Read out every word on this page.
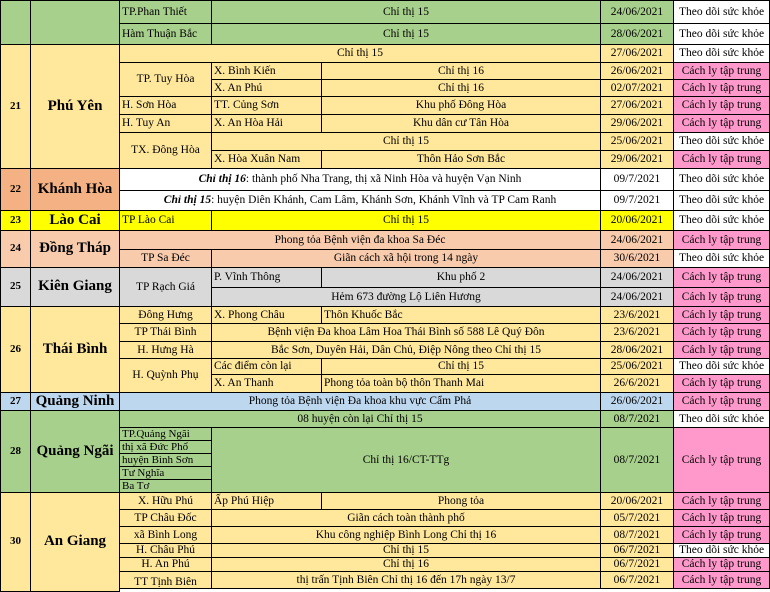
TP.Phan Thiết	Chỉ thị 15	24/06/2021	Theo dõi sức khỏe
Hàm Thuận Bắc	Chỉ thị 15	28/06/2021	Theo dõi sức khỏe
21	Phú Yên
Chỉ thị 15	27/06/2021	Theo dõi sức khỏe
TP. Tuy Hòa
X. Bình Kiến	Chỉ thị 16	26/06/2021	Cách ly tập trung
X. An Phú	Chỉ thị 16	02/07/2021	Cách ly tập trung
H. Sơn Hòa	TT. Củng Sơn	Khu phố Đông Hòa	27/06/2021	Cách ly tập trung
H. Tuy An	X. An Hòa Hải	Khu dân cư Tân Hòa	29/06/2021	Cách ly tập trung
TX. Đông Hòa
Chỉ thị 15	25/06/2021	Theo dõi sức khỏe
X. Hòa Xuân Nam	Thôn Hảo Sơn Bắc	29/06/2021	Cách ly tập trung
22	Khánh Hòa
Chỉ thị 16: thành phố Nha Trang, thị xã Ninh Hòa và huyện Vạn Ninh	09/7/2021	Theo dõi sức khỏe
Chỉ thị 15: huyện Diên Khánh, Cam Lâm, Khánh Sơn, Khánh Vĩnh và TP Cam Ranh	09/7/2021	Theo dõi sức khỏe
23	Lào Cai	TP Lào Cai	Chỉ thị 15	20/06/2021	Theo dõi sức khỏe
24	Đồng Tháp
Phong tỏa Bệnh viện đa khoa Sa Đéc	24/06/2021	Cách ly tập trung
TP Sa Đéc	Giãn cách xã hội trong 14 ngày	30/6/2021	Theo dõi sức khỏe
25	Kiên Giang	TP Rạch Giá
P. Vĩnh Thông	Khu phố 2	24/06/2021	Cách ly tập trung
Hẻm 673 đường Lộ Liên Hương	24/06/2021	Cách ly tập trung
26	Thái Bình
Đông Hưng	X. Phong Châu	Thôn Khuốc Bắc	23/6/2021	Cách ly tập trung
TP Thái Bình	Bệnh viện Đa khoa Lâm Hoa Thái Bình số 588 Lê Quý Đôn	23/6/2021	Cách ly tập trung
H. Hưng Hà	Bắc Sơn, Duyên Hải, Dân Chủ, Điệp Nông theo Chỉ thị 15	28/06/2021	Cách ly tập trung
H. Quỳnh Phụ
Các điểm còn lại	Chỉ thị 15	25/06/2021	Theo dõi sức khỏe
X. An Thanh	Phong tỏa toàn bộ thôn Thanh Mai	26/6/2021	Cách ly tập trung
27 Quảng Ninh	Phong tỏa Bệnh viện Đa khoa khu vực Cẩm Phả	26/06/2021	Cách ly tập trung
28	Quảng Ngãi
08 huyện còn lại Chỉ thị 15	08/7/2021	Theo dõi sức khỏe
TP.Quảng Ngãi
thị xã Đức Phổ
huyện Bình Sơn
Tư Nghĩa
Ba Tơ
Chỉ thị 16/CT-TTg	08/7/2021	Cách ly tập trung
30	An Giang
X. Hữu Phú	Ấp Phú Hiệp	Phong tỏa	20/06/2021	Cách ly tập trung
TP Châu Đốc	Giãn cách toàn thành phố	05/7/2021	Cách ly tập trung
xã Bình Long	Khu công nghiệp Bình Long Chỉ thị 16	08/7/2021	Cách ly tập trung
H. Châu Phú	Chỉ thị 15	06/7/2021	Theo dõi sức khỏe
H. An Phú	Chỉ thị 16	06/7/2021	Cách ly tập trung
TT Tịnh Biên	thị trấn Tịnh Biên Chỉ thị 16 đến 17h ngày 13/7	06/7/2021	Cách ly tập trung
